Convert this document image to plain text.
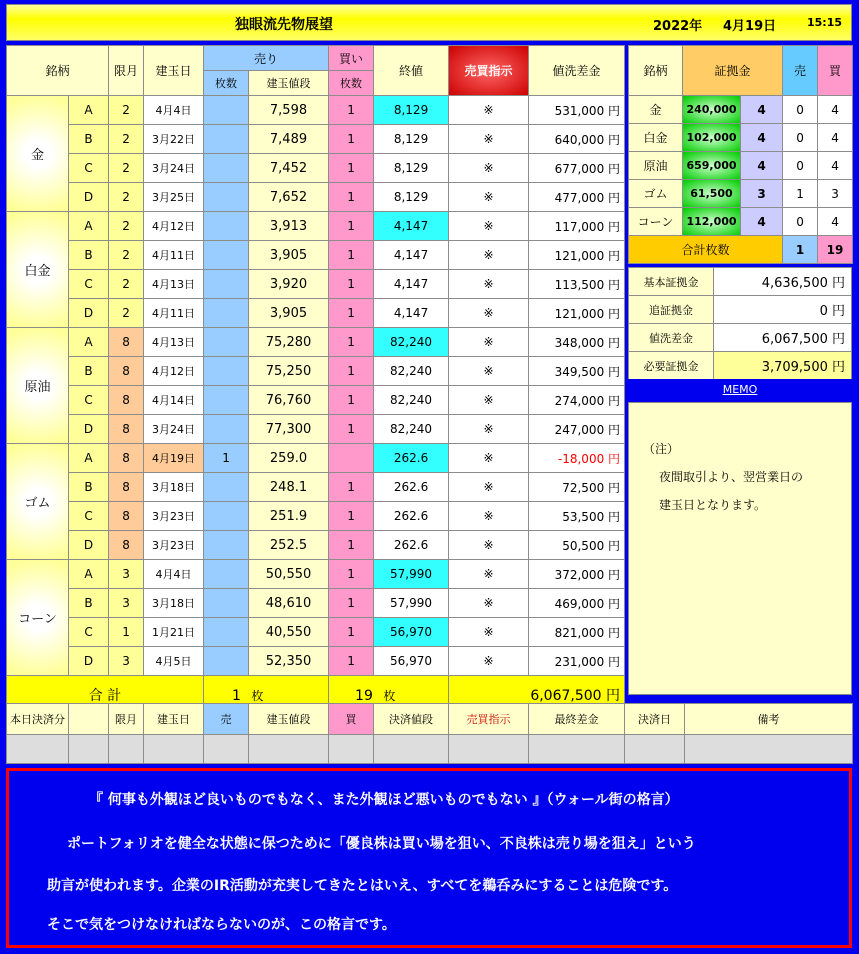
独眼流先物展望	2022年 4月19日	15:15
銘柄		限月	建玉日	売り		買い	終値	売買指示	値洗差金
				枚数	建玉値段	枚数			
金	A	2	4月4日		7,598	1	8,129	※	531,000 円
	B	2	3月22日		7,489	1	8,129	※	640,000 円
	C	2	3月24日		7,452	1	8,129	※	677,000 円
	D	2	3月25日		7,652	1	8,129	※	477,000 円
白金	A	2	4月12日		3,913	1	4,147	※	117,000 円
	B	2	4月11日		3,905	1	4,147	※	121,000 円
	C	2	4月13日		3,920	1	4,147	※	113,500 円
	D	2	4月11日		3,905	1	4,147	※	121,000 円
原油	A	8	4月13日		75,280	1	82,240	※	348,000 円
	B	8	4月12日		75,250	1	82,240	※	349,500 円
	C	8	4月14日		76,760	1	82,240	※	274,000 円
	D	8	3月24日		77,300	1	82,240	※	247,000 円
ゴム	A	8	4月19日	1	259.0		262.6	※	-18,000 円
	B	8	3月18日		248.1	1	262.6	※	72,500 円
	C	8	3月23日		251.9	1	262.6	※	53,500 円
	D	8	3月23日		252.5	1	262.6	※	50,500 円
コーン	A	3	4月4日		50,550	1	57,990	※	372,000 円
	B	3	3月18日		48,610	1	57,990	※	469,000 円
	C	1	1月21日		40,550	1	56,970	※	821,000 円
	D	3	4月5日		52,350	1	56,970	※	231,000 円
合 計				1 枚		19 枚		6,067,500 円	
銘柄	証拠金		売	買
金	240,000	4	0	4
白金	102,000	4	0	4
原油	659,000	4	0	4
ゴム	61,500	3	1	3
コーン	112,000	4	0	4
合計枚数			1	19
基本証拠金	4,636,500 円
追証拠金	0 円
値洗差金	6,067,500 円
必要証拠金	3,709,500 円
MEMO
（注）
夜間取引より、翌営業日の
建玉日となります。
本日決済分		限月	建玉日	売	建玉値段	買	決済値段	売買指示	最終差金	決済日	備考

『 何事も外観ほど良いものでもなく、また外観ほど悪いものでもない 』（ウォール街の格言）
ポートフォリオを健全な状態に保つために「優良株は買い場を狙い、不良株は売り場を狙え」という
助言が使われます。企業のIR活動が充実してきたとはいえ、すべてを鵜呑みにすることは危険です。
そこで気をつけなければならないのが、この格言です。
